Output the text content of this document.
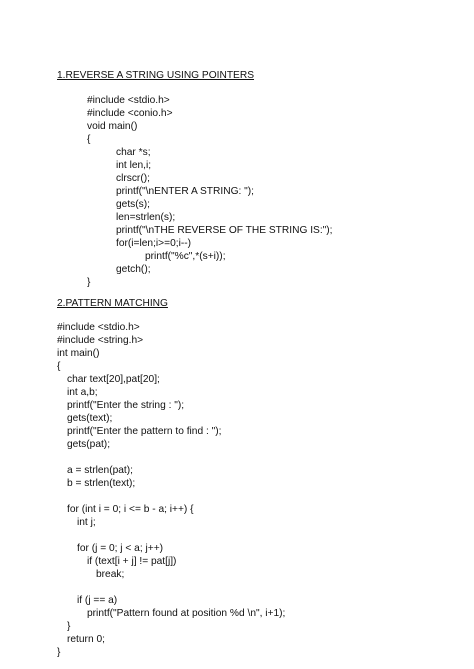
1.REVERSE A STRING USING POINTERS
#include <stdio.h>
#include <conio.h>
void main()
{
char *s;
int len,i;
clrscr();
printf("\nENTER A STRING: ");
gets(s);
len=strlen(s);
printf("\nTHE REVERSE OF THE STRING IS:");
for(i=len;i>=0;i--)
printf("%c",*(s+i));
getch();
}
2.PATTERN MATCHING
#include <stdio.h>
#include <string.h>
int main()
{
char text[20],pat[20];
int a,b;
printf("Enter the string : ");
gets(text);
printf("Enter the pattern to find : ");
gets(pat);
a = strlen(pat);
b = strlen(text);
for (int i = 0; i <= b - a; i++) {
int j;
for (j = 0; j < a; j++)
if (text[i + j] != pat[j])
break;
if (j == a)
printf("Pattern found at position %d \n", i+1);
}
return 0;
}
